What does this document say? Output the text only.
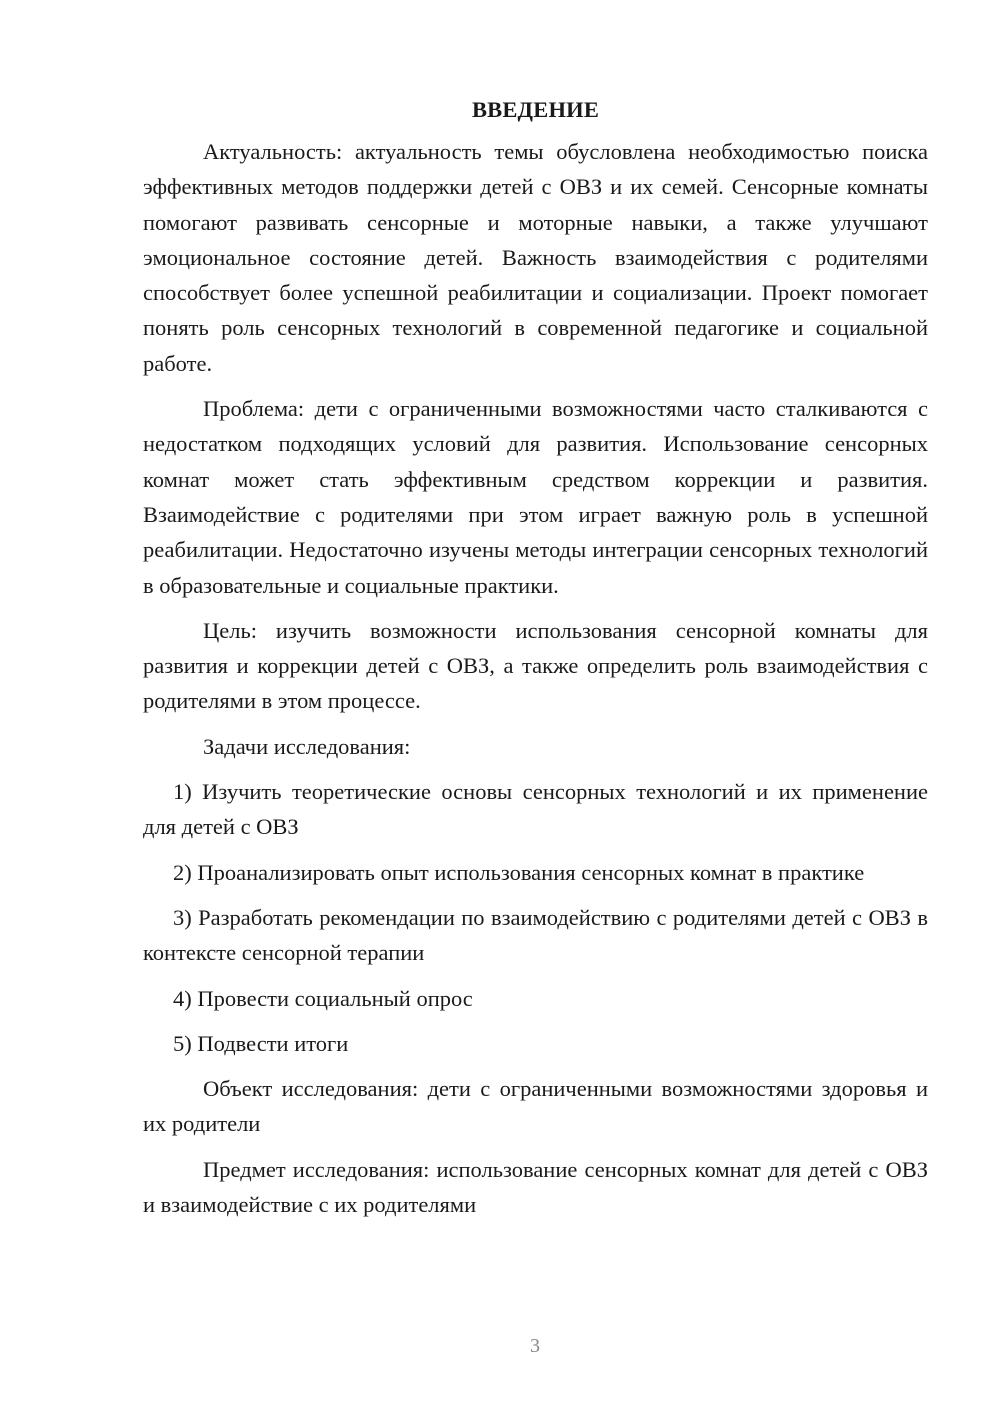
ВВЕДЕНИЕ

Актуальность: актуальность темы обусловлена необходимостью поиска эффективных методов поддержки детей с ОВЗ и их семей. Сенсорные комнаты помогают развивать сенсорные и моторные навыки, а также улучшают эмоциональное состояние детей. Важность взаимодействия с родителями способствует более успешной реабилитации и социализации. Проект помогает понять роль сенсорных технологий в современной педагогике и социальной работе.

Проблема: дети с ограниченными возможностями часто сталкиваются с недостатком подходящих условий для развития. Использование сенсорных комнат может стать эффективным средством коррекции и развития. Взаимодействие с родителями при этом играет важную роль в успешной реабилитации. Недостаточно изучены методы интеграции сенсорных технологий в образовательные и социальные практики.

Цель: изучить возможности использования сенсорной комнаты для развития и коррекции детей с ОВЗ, а также определить роль взаимодействия с родителями в этом процессе.

Задачи исследования:

1) Изучить теоретические основы сенсорных технологий и их применение для детей с ОВЗ

2) Проанализировать опыт использования сенсорных комнат в практике

3) Разработать рекомендации по взаимодействию с родителями детей с ОВЗ в контексте сенсорной терапии

4) Провести социальный опрос

5) Подвести итоги

Объект исследования: дети с ограниченными возможностями здоровья и их родители

Предмет исследования: использование сенсорных комнат для детей с ОВЗ и взаимодействие с их родителями

3
